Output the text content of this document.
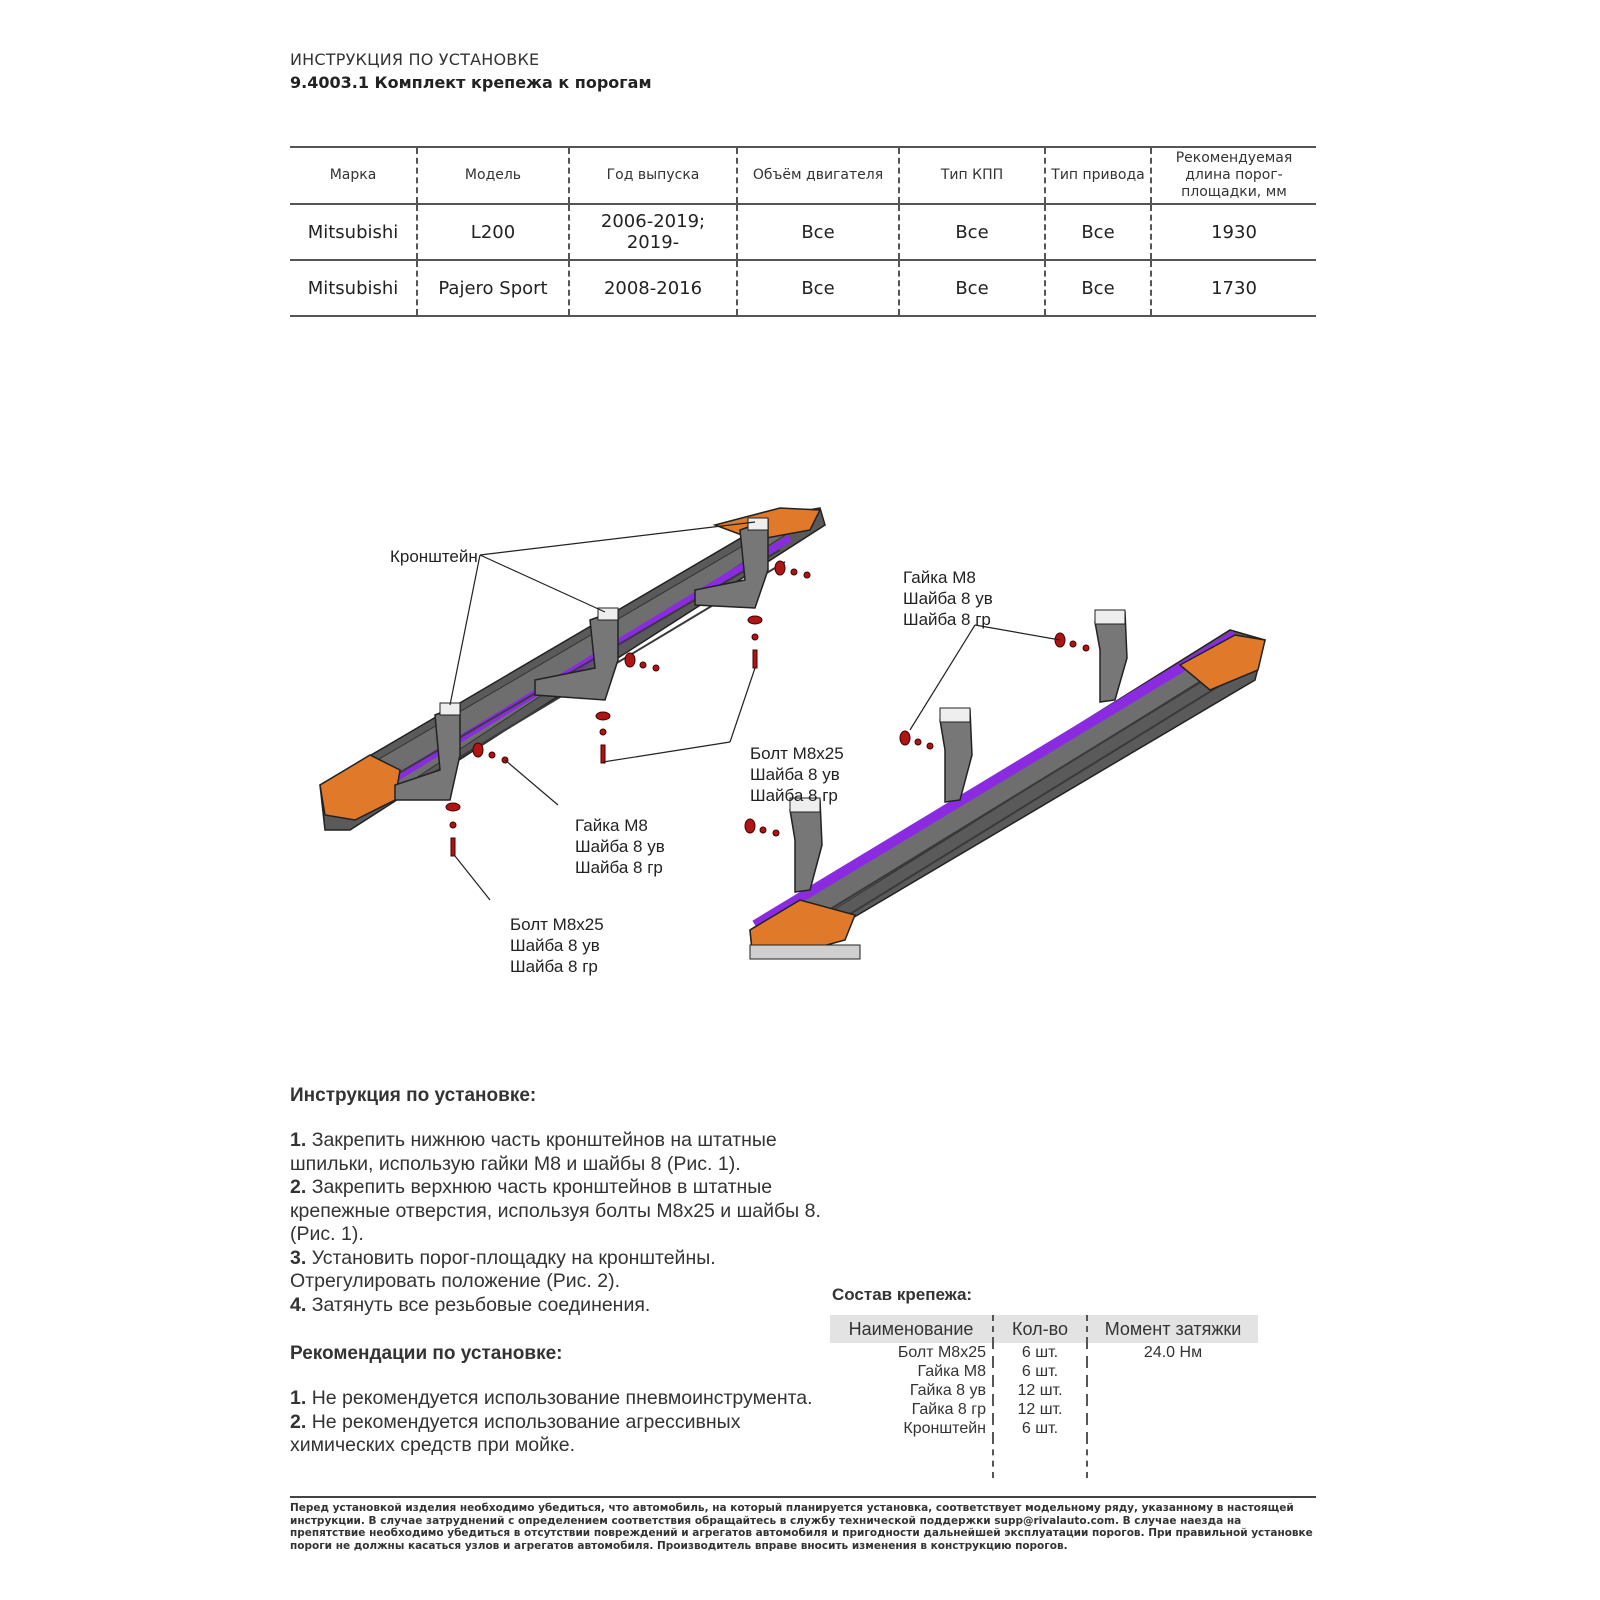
ИНСТРУКЦИЯ ПО УСТАНОВКЕ
9.4003.1 Комплект крепежа к порогам
Марка	Модель	Год выпуска	Объём двигателя	Тип КПП	Тип привода	Рекомендуемая длина порог-площадки, мм
Mitsubishi	L200	2006-2019; 2019-	Все	Все	Все	1930
Mitsubishi	Pajero Sport	2008-2016	Все	Все	Все	1730
Кронштейн
Гайка M8
Шайба 8 ув
Шайба 8 гр
Болт M8x25
Шайба 8 ув
Шайба 8 гр
Гайка M8
Шайба 8 ув
Шайба 8 гр
Болт M8x25
Шайба 8 ув
Шайба 8 гр
Инструкция по установке:

1. Закрепить нижнюю часть кронштейнов на штатные шпильки, использую гайки M8 и шайбы 8 (Рис. 1).

2. Закрепить верхнюю часть кронштейнов в штатные крепежные отверстия, используя болты M8x25 и шайбы 8. (Рис. 1).

3. Установить порог-площадку на кронштейны. Отрегулировать положение (Рис. 2).

4. Затянуть все резьбовые соединения.

Рекомендации по установке:

1. Не рекомендуется использование пневмоинструмента.

2. Не рекомендуется использование агрессивных химических средств при мойке.

Состав крепежа:
Наименование	Кол-во	Момент затяжки
Болт M8x25	6 шт.	24.0 Нм
Гайка M8	6 шт.	
Гайка 8 ув	12 шт.	
Гайка 8 гр	12 шт.	
Кронштейн	6 шт.	

Перед установкой изделия необходимо убедиться, что автомобиль, на который планируется установка, соответствует модельному ряду, указанному в настоящей инструкции. В случае затруднений с определением соответствия обращайтесь в службу технической поддержки supp@rivalauto.com. В случае наезда на препятствие необходимо убедиться в отсутствии повреждений и агрегатов автомобиля и пригодности дальнейшей эксплуатации порогов. При правильной установке пороги не должны касаться узлов и агрегатов автомобиля. Производитель вправе вносить изменения в конструкцию порогов.
